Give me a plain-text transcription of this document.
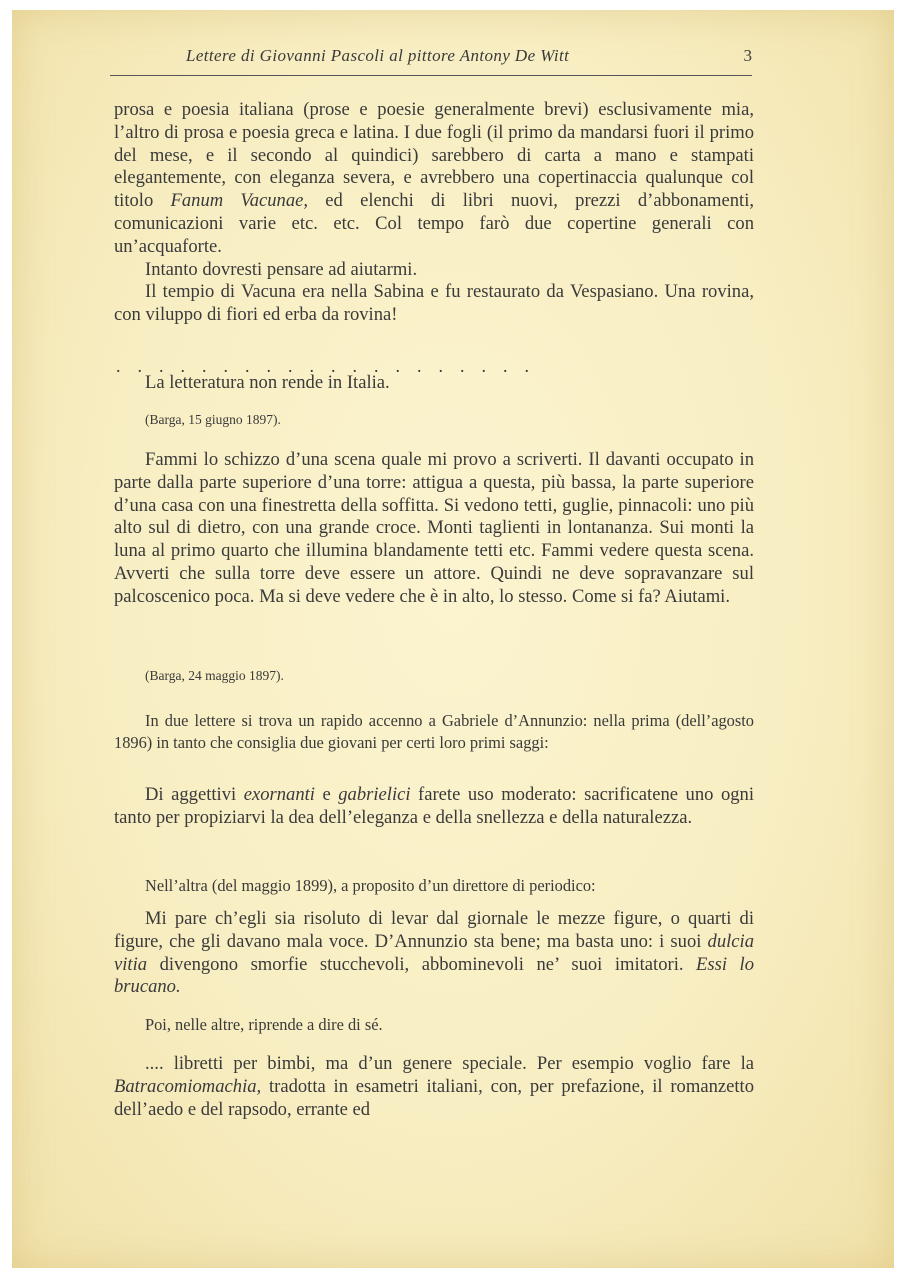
Lettere di Giovanni Pascoli al pittore Antony De Witt	3

prosa e poesia italiana (prose e poesie generalmente brevi) esclusivamente mia, l’altro di prosa e poesia greca e latina. I due fogli (il primo da mandarsi fuori il primo del mese, e il secondo al quindici) sarebbero di carta a mano e stampati elegantemente, con eleganza severa, e avrebbero una copertinaccia qualunque col titolo Fanum Vacunae, ed elenchi di libri nuovi, prezzi d’abbonamenti, comunicazioni varie etc. etc. Col tempo farò due copertine generali con un’acquaforte.

Intanto dovresti pensare ad aiutarmi.

Il tempio di Vacuna era nella Sabina e fu restaurato da Vespasiano. Una rovina, con viluppo di fiori ed erba da rovina!

....................

La letteratura non rende in Italia.

(Barga, 15 giugno 1897).

Fammi lo schizzo d’una scena quale mi provo a scriverti. Il davanti occupato in parte dalla parte superiore d’una torre: attigua a questa, più bassa, la parte superiore d’una casa con una finestretta della soffitta. Si vedono tetti, guglie, pinnacoli: uno più alto sul di dietro, con una grande croce. Monti taglienti in lontananza. Sui monti la luna al primo quarto che illumina blandamente tetti etc. Fammi vedere questa scena. Avverti che sulla torre deve essere un attore. Quindi ne deve sopravanzare sul palcoscenico poca. Ma si deve vedere che è in alto, lo stesso. Come si fa? Aiutami.

(Barga, 24 maggio 1897).

In due lettere si trova un rapido accenno a Gabriele d’Annunzio: nella prima (dell’agosto 1896) in tanto che consiglia due giovani per certi loro primi saggi:

Di aggettivi exornanti e gabrielici farete uso moderato: sacrificatene uno ogni tanto per propiziarvi la dea dell’eleganza e della snellezza e della naturalezza.

Nell’altra (del maggio 1899), a proposito d’un direttore di periodico:

Mi pare ch’egli sia risoluto di levar dal giornale le mezze figure, o quarti di figure, che gli davano mala voce. D’Annunzio sta bene; ma basta uno: i suoi dulcia vitia divengono smorfie stucchevoli, abbominevoli ne’ suoi imitatori. Essi lo brucano.

Poi, nelle altre, riprende a dire di sé.

.... libretti per bimbi, ma d’un genere speciale. Per esempio voglio fare la Batracomiomachia, tradotta in esametri italiani, con, per prefazione, il romanzetto dell’aedo e del rapsodo, errante ed
